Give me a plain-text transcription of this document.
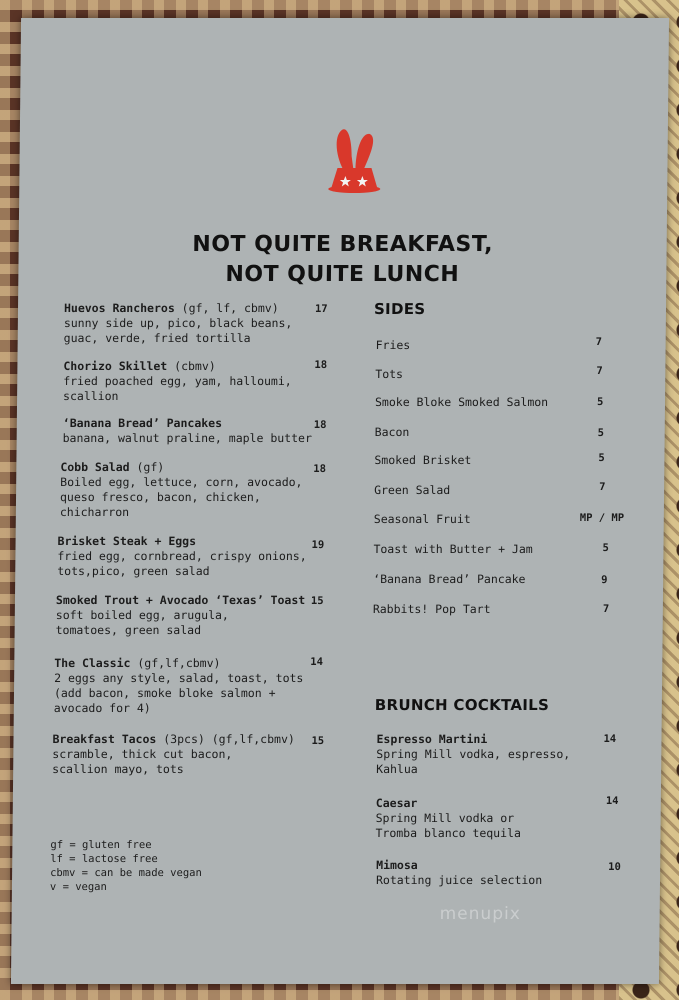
NOT QUITE BREAKFAST,
NOT QUITE LUNCH
Huevos Rancheros (gf, lf, cbmv)
sunny side up, pico, black beans,
guac, verde, fried tortilla
17
Chorizo Skillet (cbmv)
fried poached egg, yam, halloumi,
scallion
18
‘Banana Bread’ Pancakes
banana, walnut praline, maple butter
18
Cobb Salad (gf)
Boiled egg, lettuce, corn, avocado,
queso fresco, bacon, chicken,
chicharron
18
Brisket Steak + Eggs
fried egg, cornbread, crispy onions,
tots,pico, green salad
19
Smoked Trout + Avocado ‘Texas’ Toast
soft boiled egg, arugula,
tomatoes, green salad
15
The Classic (gf,lf,cbmv)
2 eggs any style, salad, toast, tots
(add bacon, smoke bloke salmon +
avocado for 4)
14
Breakfast Tacos (3pcs) (gf,lf,cbmv)
scramble, thick cut bacon,
scallion mayo, tots
15
SIDES
Fries	7
Tots	7
Smoke Bloke Smoked Salmon	5
Bacon	5
Smoked Brisket	5
Green Salad	7
Seasonal Fruit	MP / MP
Toast with Butter + Jam	5
‘Banana Bread’ Pancake	9
Rabbits! Pop Tart	7
BRUNCH COCKTAILS
Espresso Martini
Spring Mill vodka, espresso,
Kahlua
14
Caesar
Spring Mill vodka or
Tromba blanco tequila
14
Mimosa
Rotating juice selection
10
gf = gluten free
lf = lactose free
cbmv = can be made vegan
v = vegan
menupix
